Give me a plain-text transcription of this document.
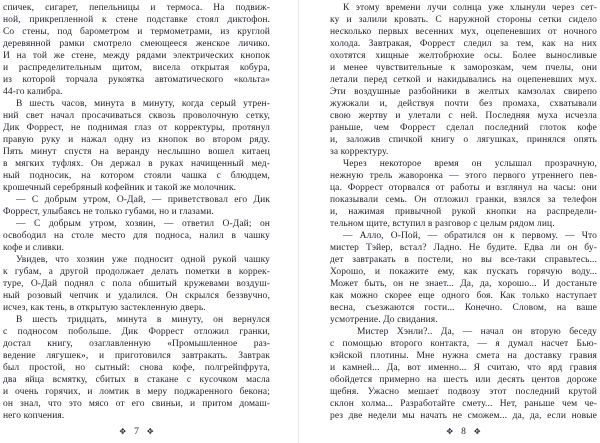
спичек, сигарет, пепельницы и термоса. На подвиж-
ной, прикрепленной к стене подставке стоял диктофон.
Со стены, под барометром и термометрами, из круглой
деревянной рамки смотрело смеющееся женское личико.
И на той же стене, между рядами электрических кнопок
и распределительным щитом, висела открытая кобура,
из которой торчала рукоятка автоматического «кольта»
44-го калибра.
В шесть часов, минута в минуту, когда серый утрен-
ний свет начал просачиваться сквозь проволочную сетку,
Дик Форрест, не поднимая глаз от корректуры, протянул
правую руку и нажал одну из кнопок во втором ряду.
Пять минут спустя на веранду неслышно вошел китаец
в мягких туфлях. Он держал в руках начищенный мед-
ный подносик, на котором стояли чашка с блюдцем,
крошечный серебряный кофейник и такой же молочник.
— С добрым утром, О-Дай, — приветствовал его Дик
Форрест, улыбаясь не только губами, но и глазами.
— С добрым утром, хозяин, — ответил О-Дай; он
освободил на столе место для подноса, налил в чашку
кофе и сливки.
Увидев, что хозяин уже подносит одной рукой чашку
к губам, а другой продолжает делать пометки в коррек-
туре, О-Дай поднял с пола обшитый кружевами воздуш-
ный розовый чепчик и удалился. Он скрылся беззвучно,
исчез, как тень, в открытую застекленную дверь.
В шесть тридцать, минута в минуту, он вернулся
с подносом побольше. Дик Форрест отложил гранки,
достал книгу, озаглавленную «Промышленное раз-
ведение лягушек», и приготовился завтракать. Завтрак
был простой, но сытный: снова кофе, полгрейпфрута,
два яйца всмятку, сбитых в стакане с кусочком масла
и очень горячих, и ломтик в меру поджаренного бекона;
он знал, что это мясо от его свиньи, и притом домаш-
него копчения.
✥ 7 ✥
К этому времени лучи солнца уже хлынули через сет-
ку и залили кровать. С наружной стороны сетки сидело
несколько первых весенних мух, оцепеневших от ночного
холода. Завтракая, Форрест следил за тем, как на них
охотятся хищные желтобрюхие осы. Более выносливые
и менее чувствительные к заморозкам, чем пчелы, они
летали перед сеткой и накидывались на оцепеневших мух.
Эти воздушные разбойники в желтых камзолах свирепо
жужжали и, действуя почти без промаха, схватывали
свою жертву и улетали с ней. Последняя муха исчезла
раньше, чем Форрест сделал последний глоток кофе
и, заложив спичкой книгу о лягушках, принялся опять
за корректуру.
Через некоторое время он услышал прозрачную,
нежную трель жаворонка — этого первого утреннего пев-
ца. Форрест оторвался от работы и взглянул на часы: они
показывали семь. Он отложил гранки, взялся за телефон
и, нажимая привычной рукой кнопки на распредели-
тельном щите, вступил в разговор с целым рядом лиц.
— Алло, О-Пой, — обратился он к первому. — Что
мистер Тэйер, встал? Ладно. Не будите. Едва ли он бу-
дет завтракать в постели, но вы все-таки справьтесь...
Хорошо, и покажите ему, как пускать горячую воду...
Может быть, он не знает... Да, да, хорошо... И достаньте
как можно скорее еще одного боя. Как только наступает
весна, съезжаются гости... Конечно. Словом, на ваше
усмотрение. До свидания.
Мистер Хэнли?.. Да, — начал он вторую беседу
с помощью второго контакта, — я думал насчет Бью-
кэйской плотины. Мне нужна смета на доставку гравия
и камней... Да, вот именно... Я считаю, что ярд гравия
обойдется примерно на шесть или десять центов дороже
щебня. Ужасно мешает подвозу этот последний крутой
склон холма... Разработайте смету... Нет, раньше чем че-
рез две недели мы начать не сможем... да, да, если новые
✥ 8 ✥
